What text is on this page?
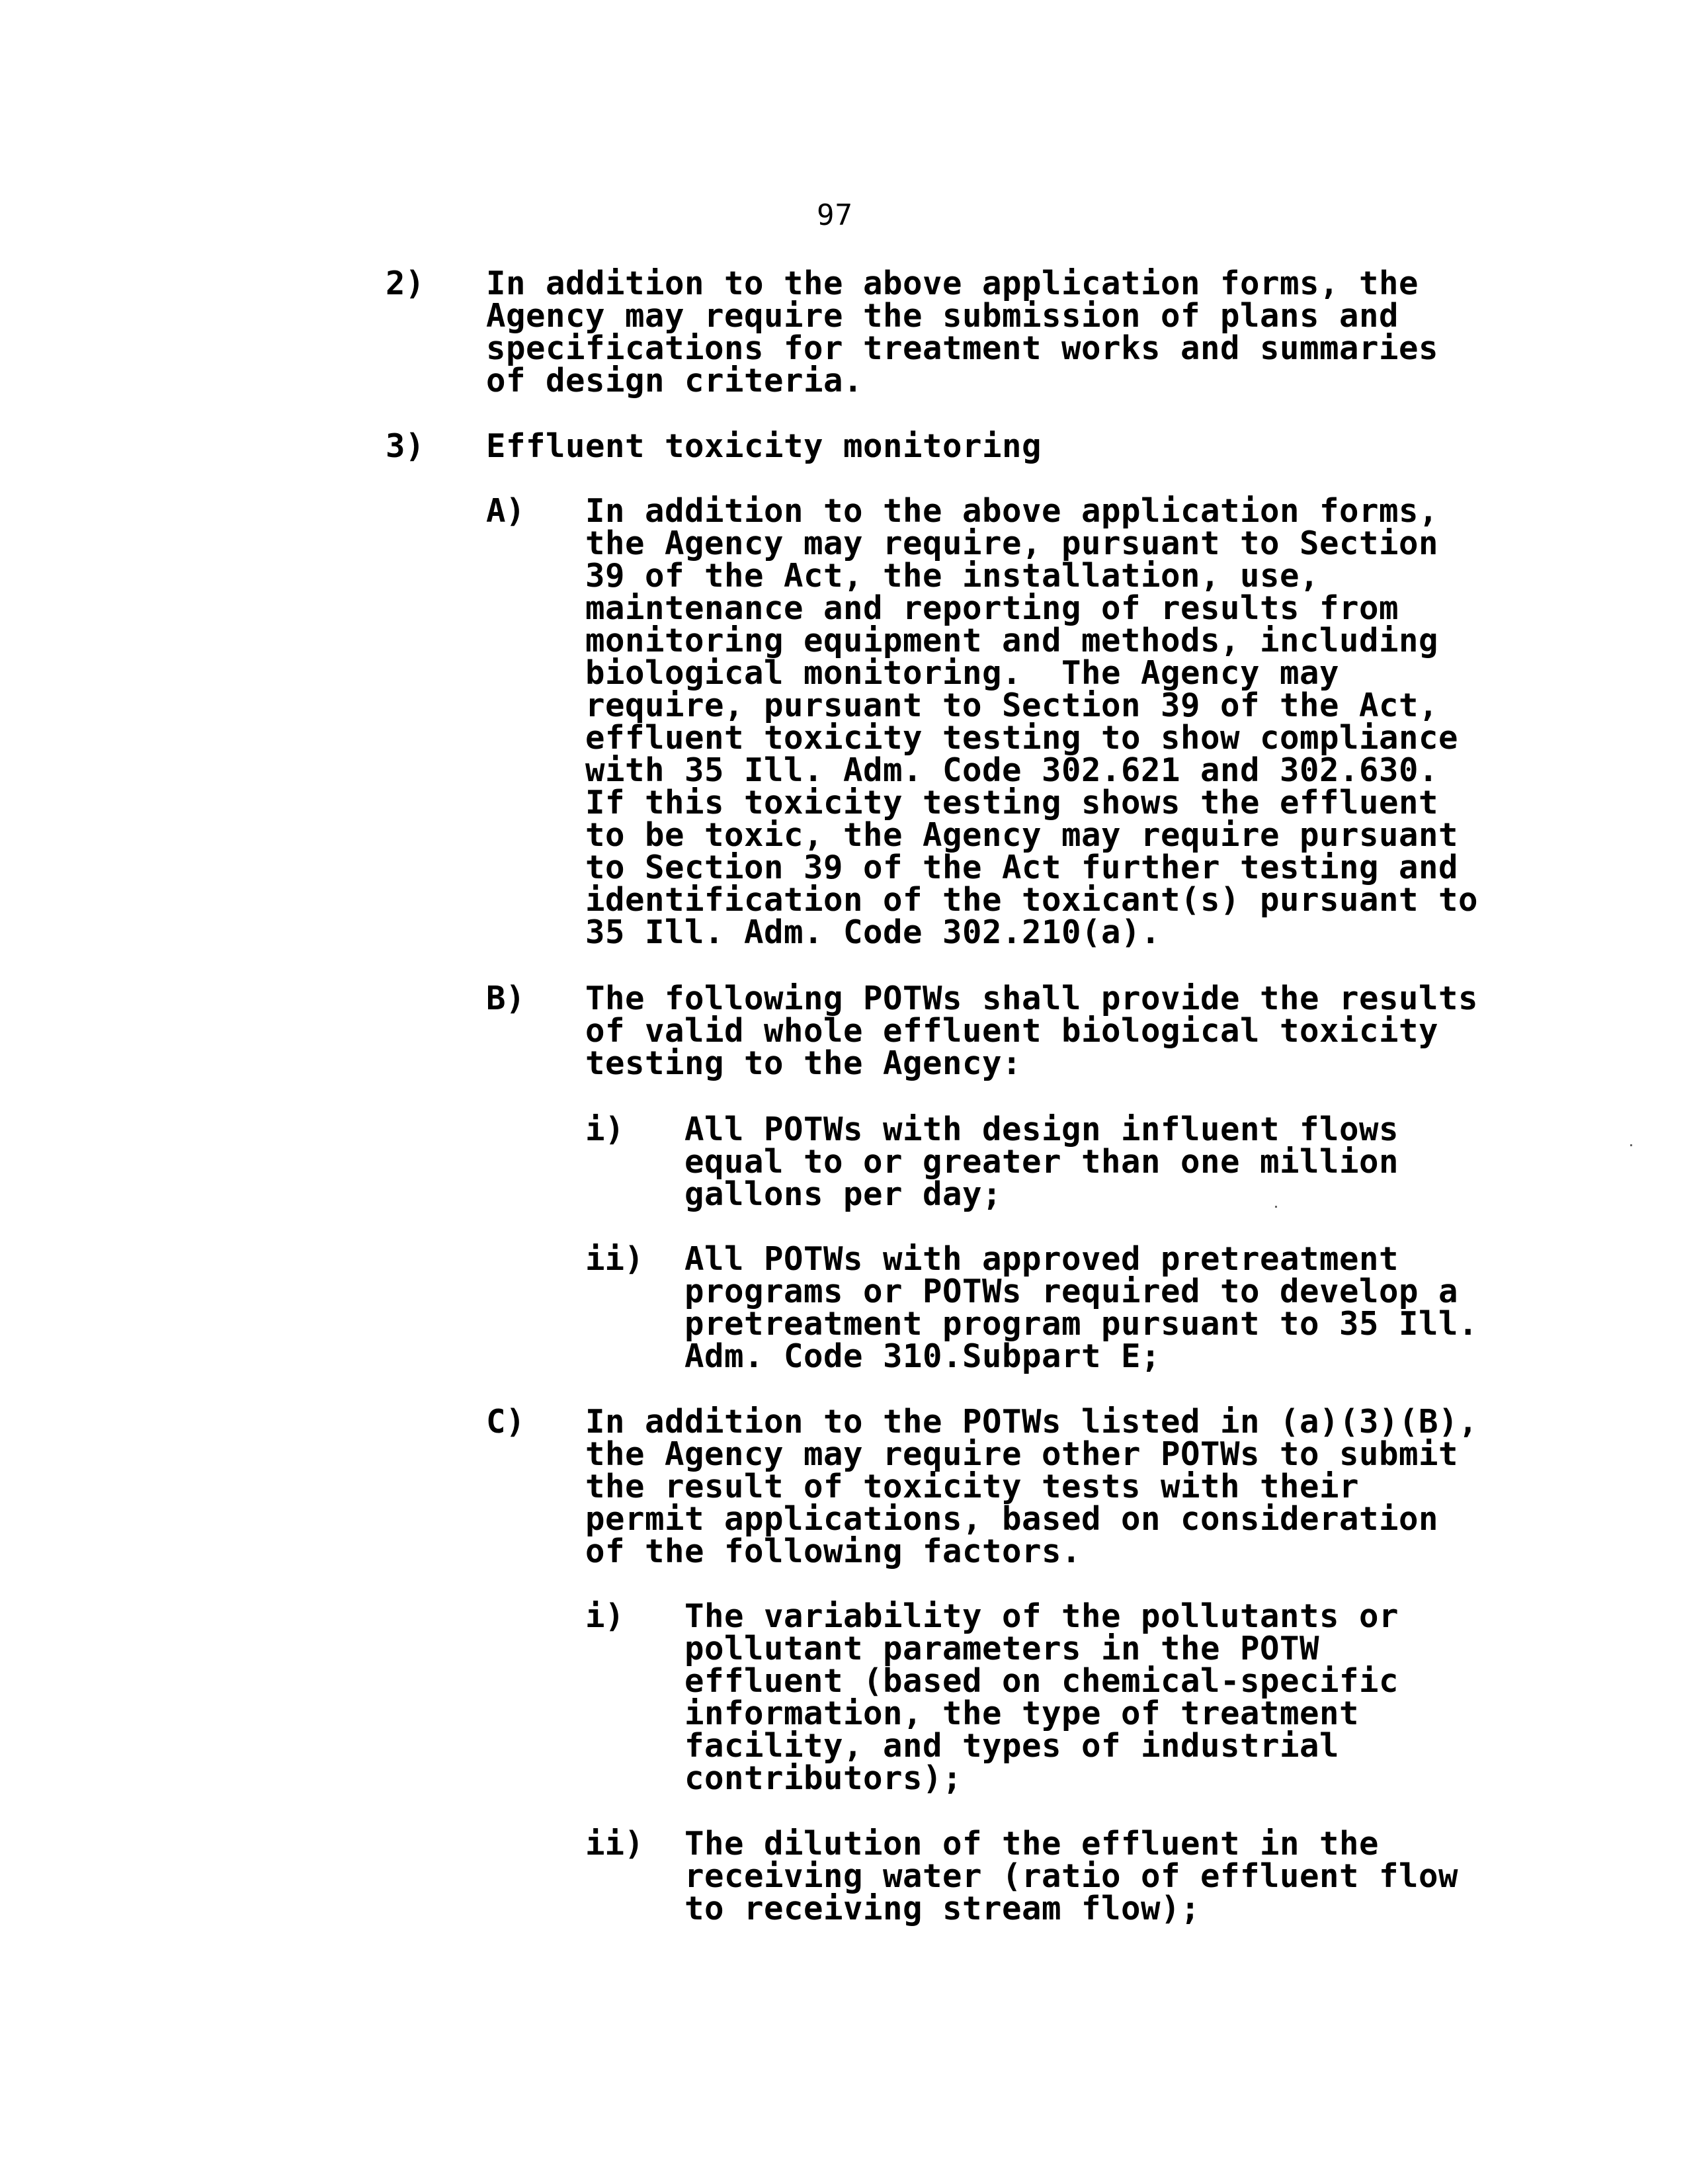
97
2) In addition to the above application forms, the
Agency may require the submission of plans and
specifications for treatment works and summaries
of design criteria.
3) Effluent toxicity monitoring
A) In addition to the above application forms,
the Agency may require, pursuant to Section
39 of the Act, the installation, use,
maintenance and reporting of results from
monitoring equipment and methods, including
biological monitoring.  The Agency may
require, pursuant to Section 39 of the Act,
effluent toxicity testing to show compliance
with 35 Ill. Adm. Code 302.621 and 302.630.
If this toxicity testing shows the effluent
to be toxic, the Agency may require pursuant
to Section 39 of the Act further testing and
identification of the toxicant(s) pursuant to
35 Ill. Adm. Code 302.210(a).
B) The following POTWs shall provide the results
of valid whole effluent biological toxicity
testing to the Agency:
i) All POTWs with design influent flows
equal to or greater than one million
gallons per day;
ii) All POTWs with approved pretreatment
programs or POTWs required to develop a
pretreatment program pursuant to 35 Ill.
Adm. Code 310.Subpart E;
C) In addition to the POTWs listed in (a)(3)(B),
the Agency may require other POTWs to submit
the result of toxicity tests with their
permit applications, based on consideration
of the following factors.
i) The variability of the pollutants or
pollutant parameters in the POTW
effluent (based on chemical-specific
information, the type of treatment
facility, and types of industrial
contributors);
ii) The dilution of the effluent in the
receiving water (ratio of effluent flow
to receiving stream flow);
